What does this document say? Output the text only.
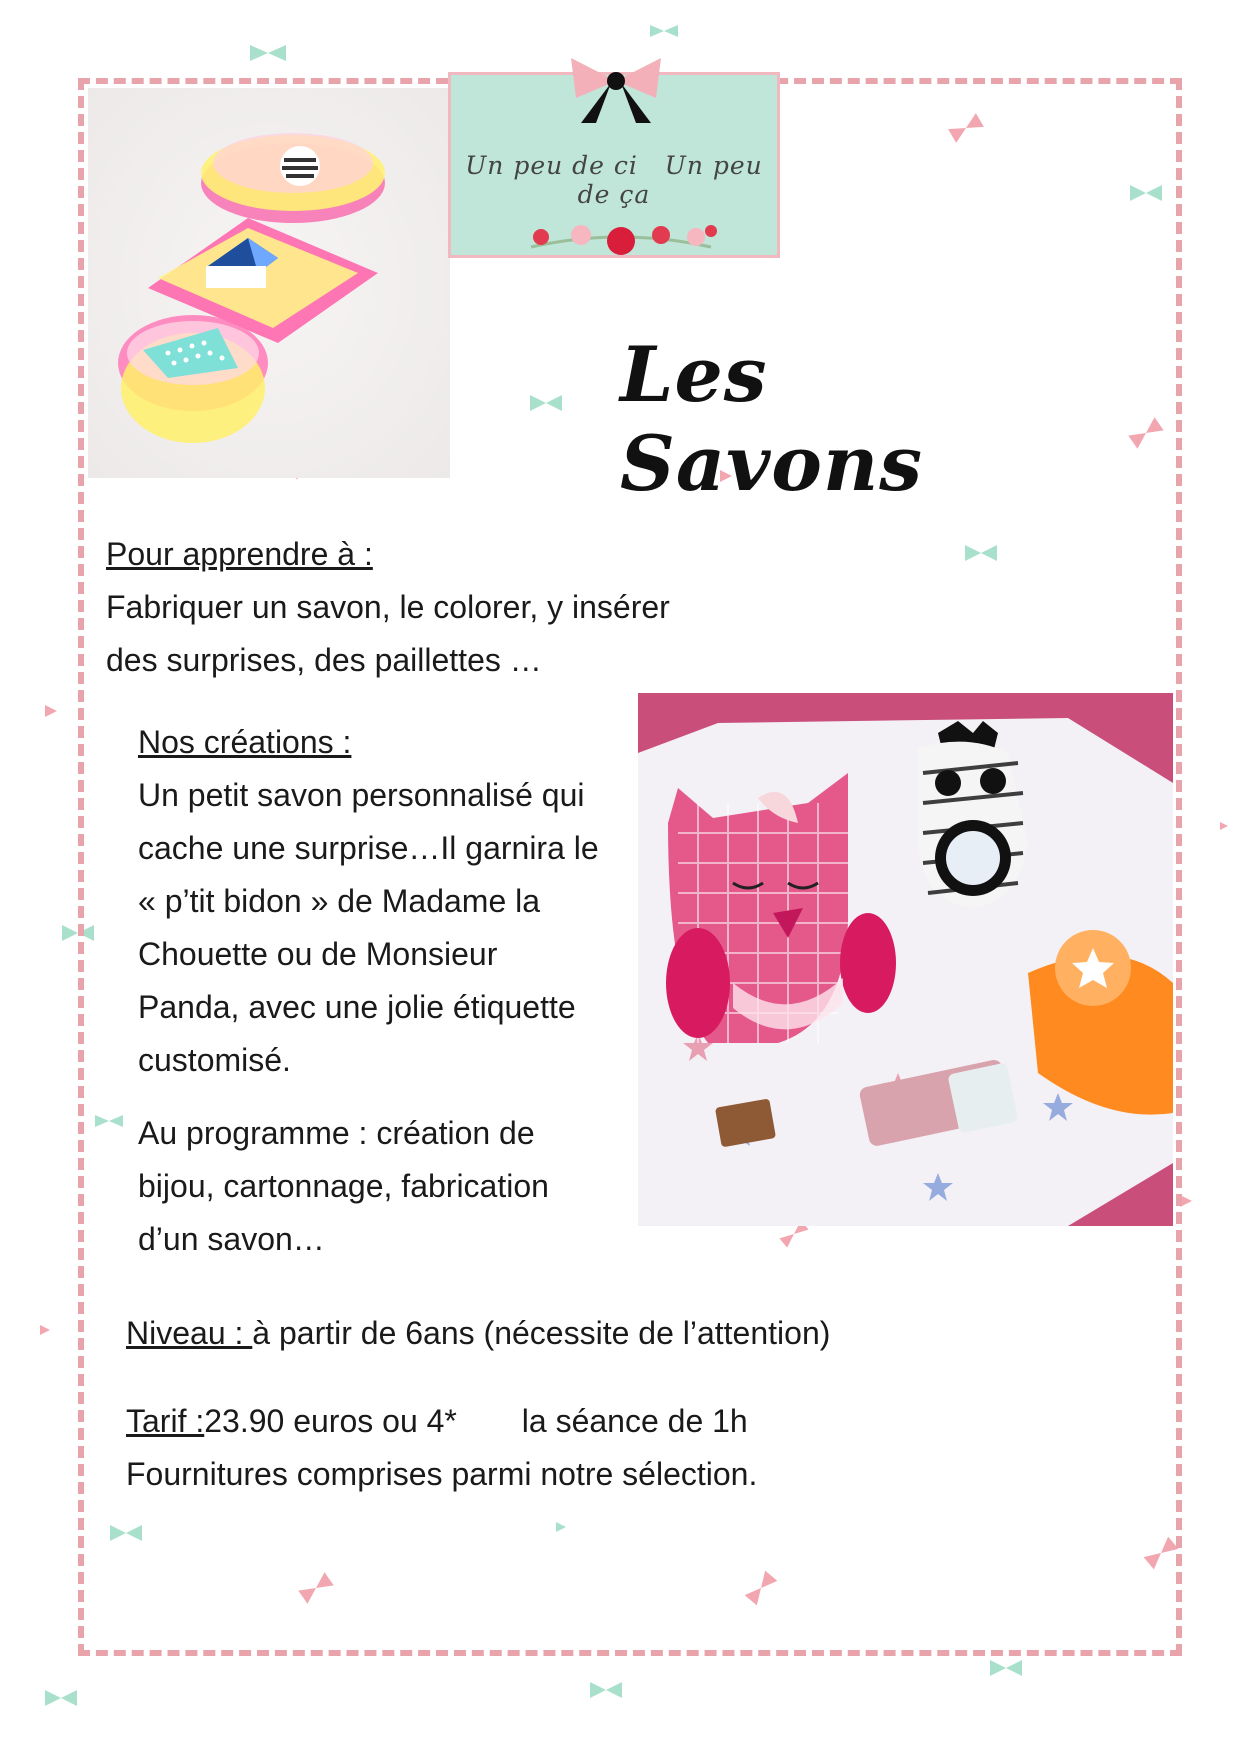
Un peu de ci Un peu de ça
Les Savons
Pour apprendre à :
Fabriquer un savon, le colorer, y insérer
des surprises, des paillettes …
Nos créations :
Un petit savon personnalisé qui
cache une surprise…Il garnira le
« p’tit bidon » de Madame la
Chouette ou de Monsieur
Panda, avec une jolie étiquette
customisé.
Au programme : création de
bijou, cartonnage, fabrication
d’un savon…
Niveau : à partir de 6ans (nécessite de l’attention)
Tarif :23.90 euros ou 4* la séance de 1h
Fournitures comprises parmi notre sélection.
